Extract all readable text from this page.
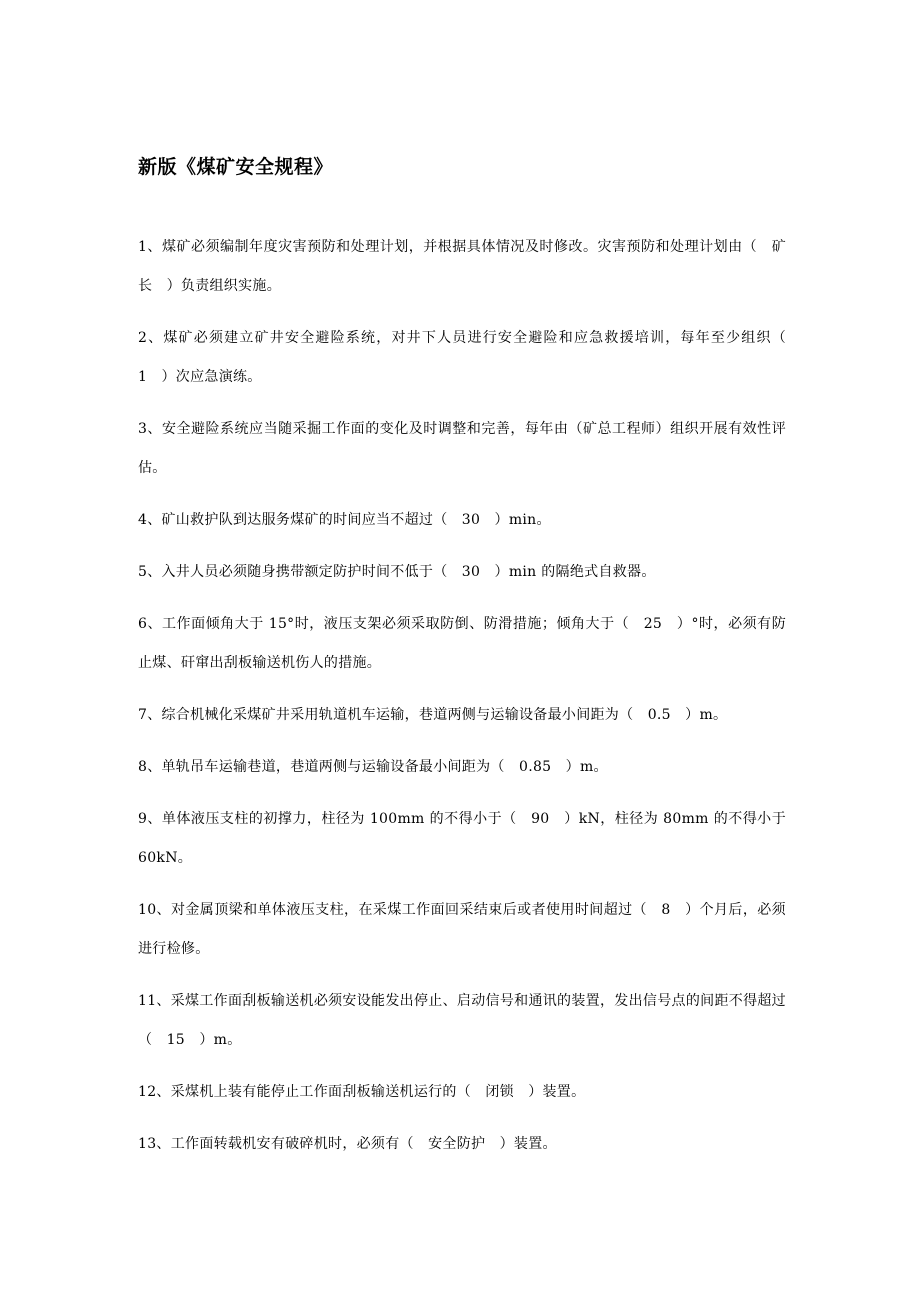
新版《煤矿安全规程》

1、煤矿必须编制年度灾害预防和处理计划，并根据具体情况及时修改。灾害预防和处理计划由（　矿长　）负责组织实施。

2、煤矿必须建立矿井安全避险系统，对井下人员进行安全避险和应急救援培训，每年至少组织（　1　）次应急演练。

3、安全避险系统应当随采掘工作面的变化及时调整和完善，每年由（矿总工程师）组织开展有效性评估。

4、矿山救护队到达服务煤矿的时间应当不超过（　30　）min。

5、入井人员必须随身携带额定防护时间不低于（　30　）min 的隔绝式自救器。

6、工作面倾角大于 15°时，液压支架必须采取防倒、防滑措施；倾角大于（　25　）°时，必须有防止煤、矸窜出刮板输送机伤人的措施。

7、综合机械化采煤矿井采用轨道机车运输，巷道两侧与运输设备最小间距为（　0.5　）m。

8、单轨吊车运输巷道，巷道两侧与运输设备最小间距为（　0.85　）m。

9、单体液压支柱的初撑力，柱径为 100mm 的不得小于（　90　）kN，柱径为 80mm 的不得小于 60kN。

10、对金属顶梁和单体液压支柱，在采煤工作面回采结束后或者使用时间超过（　8　）个月后，必须进行检修。

11、采煤工作面刮板输送机必须安设能发出停止、启动信号和通讯的装置，发出信号点的间距不得超过（　15　）m。

12、采煤机上装有能停止工作面刮板输送机运行的（　闭锁　）装置。

13、工作面转载机安有破碎机时，必须有（　安全防护　）装置。
